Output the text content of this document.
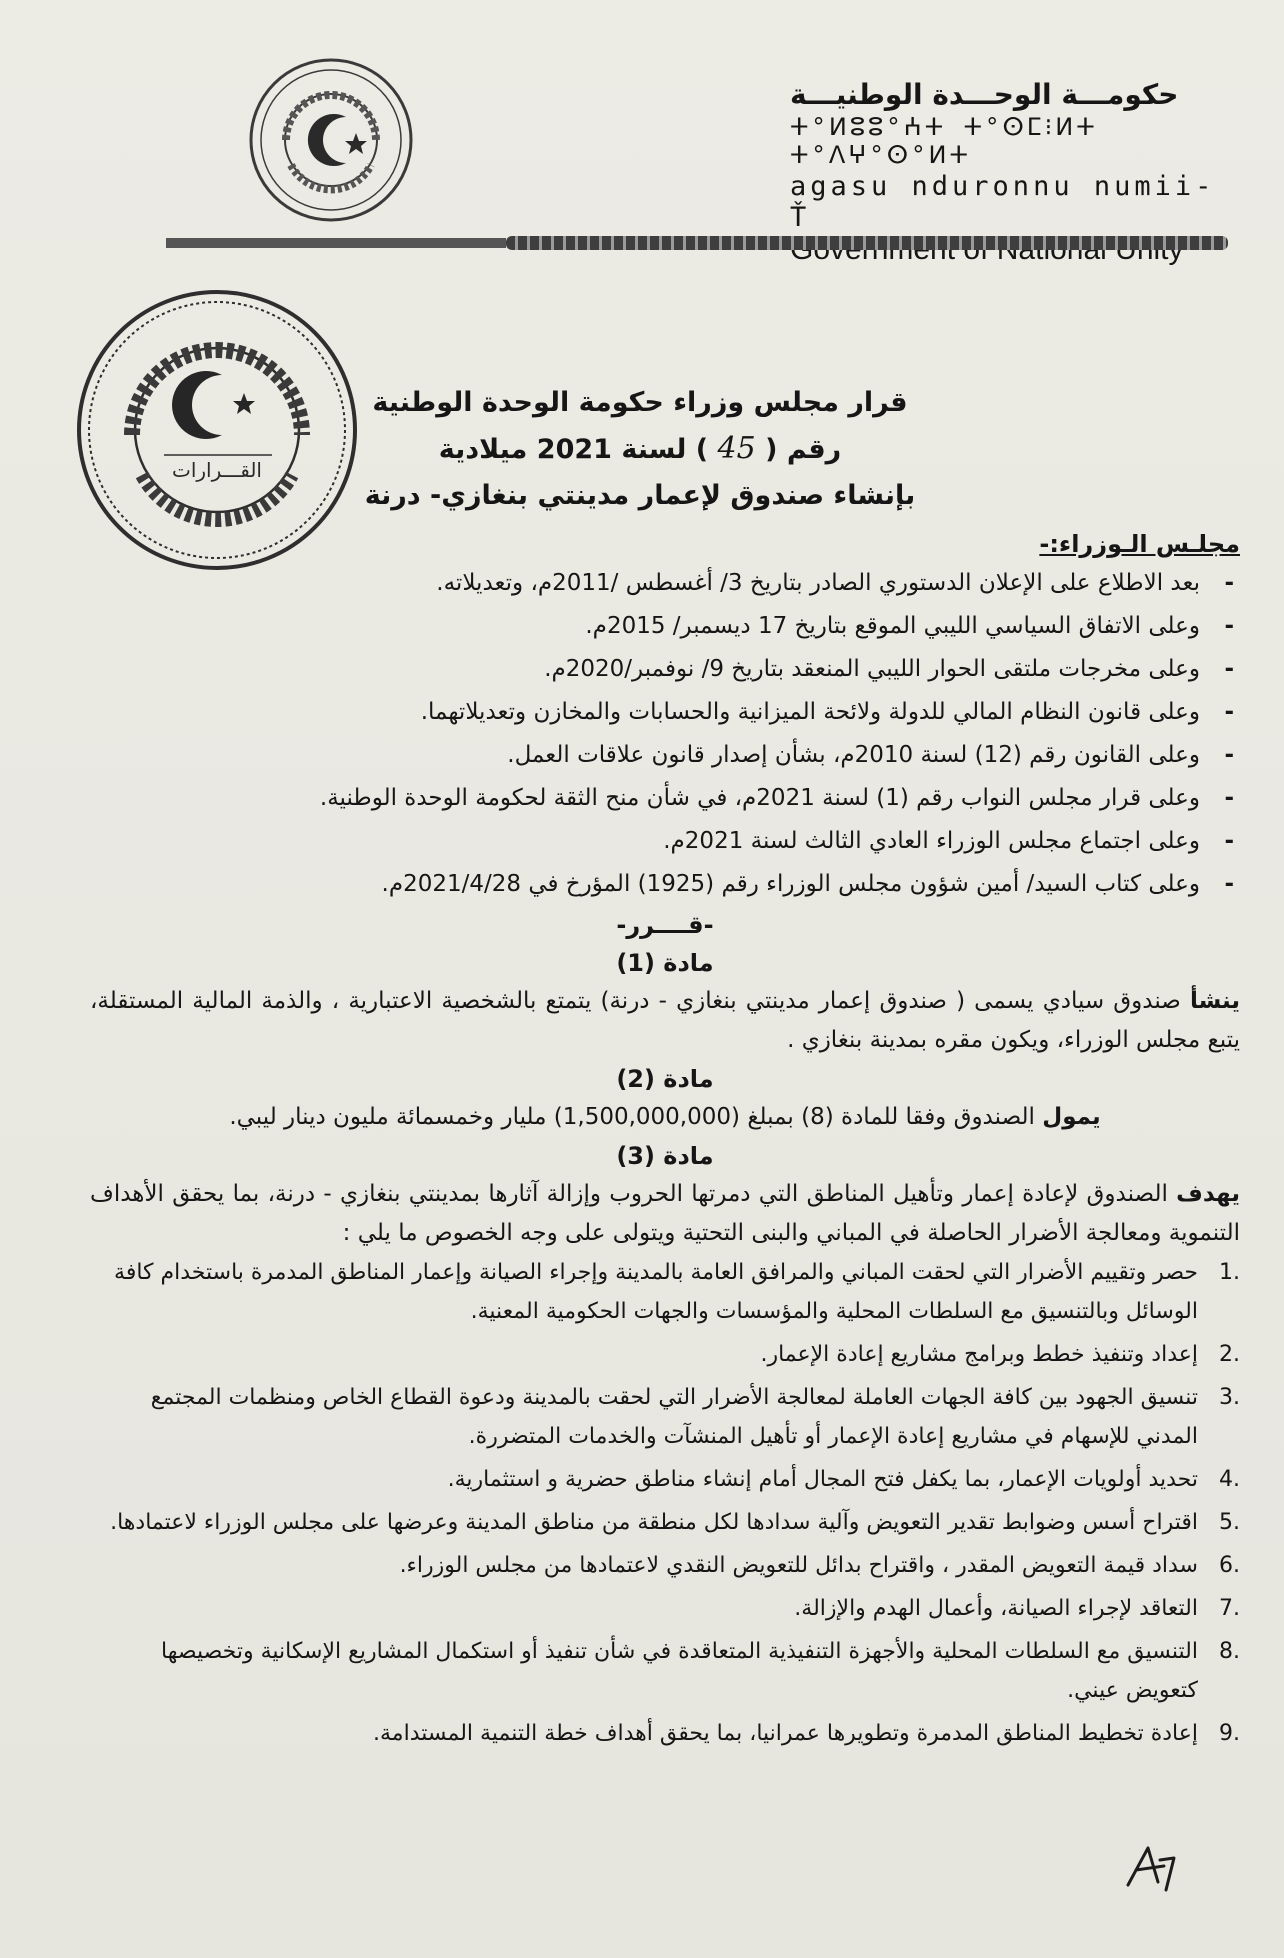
حكومـــة الوحـــدة الوطنيـــة
ⵜ°ⵍⵓⵓ°ⵄⵜ ⵜ°ⵙⵎ⁝ⵍⵜ ⵜ°ⴷⵖ°ⵙ°ⵍⵜ
agasu nduronnu numii-Ť
القـــرارات
قرار مجلس وزراء حكومة الوحدة الوطنية
رقم ( 45 ) لسنة 2021 ميلادية
بإنشاء صندوق لإعمار مدينتي بنغازي- درنة
مجلـس الـوزراء:-
- بعد الاطلاع على الإعلان الدستوري الصادر بتاريخ 3/ أغسطس /2011م، وتعديلاته.
- وعلى الاتفاق السياسي الليبي الموقع بتاريخ 17 ديسمبر/ 2015م.
- وعلى مخرجات ملتقى الحوار الليبي المنعقد بتاريخ 9/ نوفمبر/2020م.
- وعلى قانون النظام المالي للدولة ولائحة الميزانية والحسابات والمخازن وتعديلاتهما.
- وعلى القانون رقم (12) لسنة 2010م، بشأن إصدار قانون علاقات العمل.
- وعلى قرار مجلس النواب رقم (1) لسنة 2021م، في شأن منح الثقة لحكومة الوحدة الوطنية.
- وعلى اجتماع مجلس الوزراء العادي الثالث لسنة 2021م.
- وعلى كتاب السيد/ أمين شؤون مجلس الوزراء رقم (1925) المؤرخ في 2021/4/28م.
-قــــرر-
مادة (1)
ينشأ صندوق سيادي يسمى ( صندوق إعمار مدينتي بنغازي - درنة) يتمتع بالشخصية الاعتبارية ، والذمة المالية المستقلة، يتبع مجلس الوزراء، ويكون مقره بمدينة بنغازي .
مادة (2)
يمول الصندوق وفقا للمادة (8) بمبلغ (1,500,000,000) مليار وخمسمائة مليون دينار ليبي.
مادة (3)
يهدف الصندوق لإعادة إعمار وتأهيل المناطق التي دمرتها الحروب وإزالة آثارها بمدينتي بنغازي - درنة، بما يحقق الأهداف التنموية ومعالجة الأضرار الحاصلة في المباني والبنى التحتية ويتولى على وجه الخصوص ما يلي :
1.
حصر وتقييم الأضرار التي لحقت المباني والمرافق العامة بالمدينة وإجراء الصيانة وإعمار المناطق المدمرة باستخدام كافة الوسائل وبالتنسيق مع السلطات المحلية والمؤسسات والجهات الحكومية المعنية.
2.
إعداد وتنفيذ خطط وبرامج مشاريع إعادة الإعمار.
3.
تنسيق الجهود بين كافة الجهات العاملة لمعالجة الأضرار التي لحقت بالمدينة ودعوة القطاع الخاص ومنظمات المجتمع المدني للإسهام في مشاريع إعادة الإعمار أو تأهيل المنشآت والخدمات المتضررة.
4.
تحديد أولويات الإعمار، بما يكفل فتح المجال أمام إنشاء مناطق حضرية و استثمارية.
5.
اقتراح أسس وضوابط تقدير التعويض وآلية سدادها لكل منطقة من مناطق المدينة وعرضها على مجلس الوزراء لاعتمادها.
6.
سداد قيمة التعويض المقدر ، واقتراح بدائل للتعويض النقدي لاعتمادها من مجلس الوزراء.
7.
التعاقد لإجراء الصيانة، وأعمال الهدم والإزالة.
8.
التنسيق مع السلطات المحلية والأجهزة التنفيذية المتعاقدة في شأن تنفيذ أو استكمال المشاريع الإسكانية وتخصيصها كتعويض عيني.
9.
إعادة تخطيط المناطق المدمرة وتطويرها عمرانيا، بما يحقق أهداف خطة التنمية المستدامة.
